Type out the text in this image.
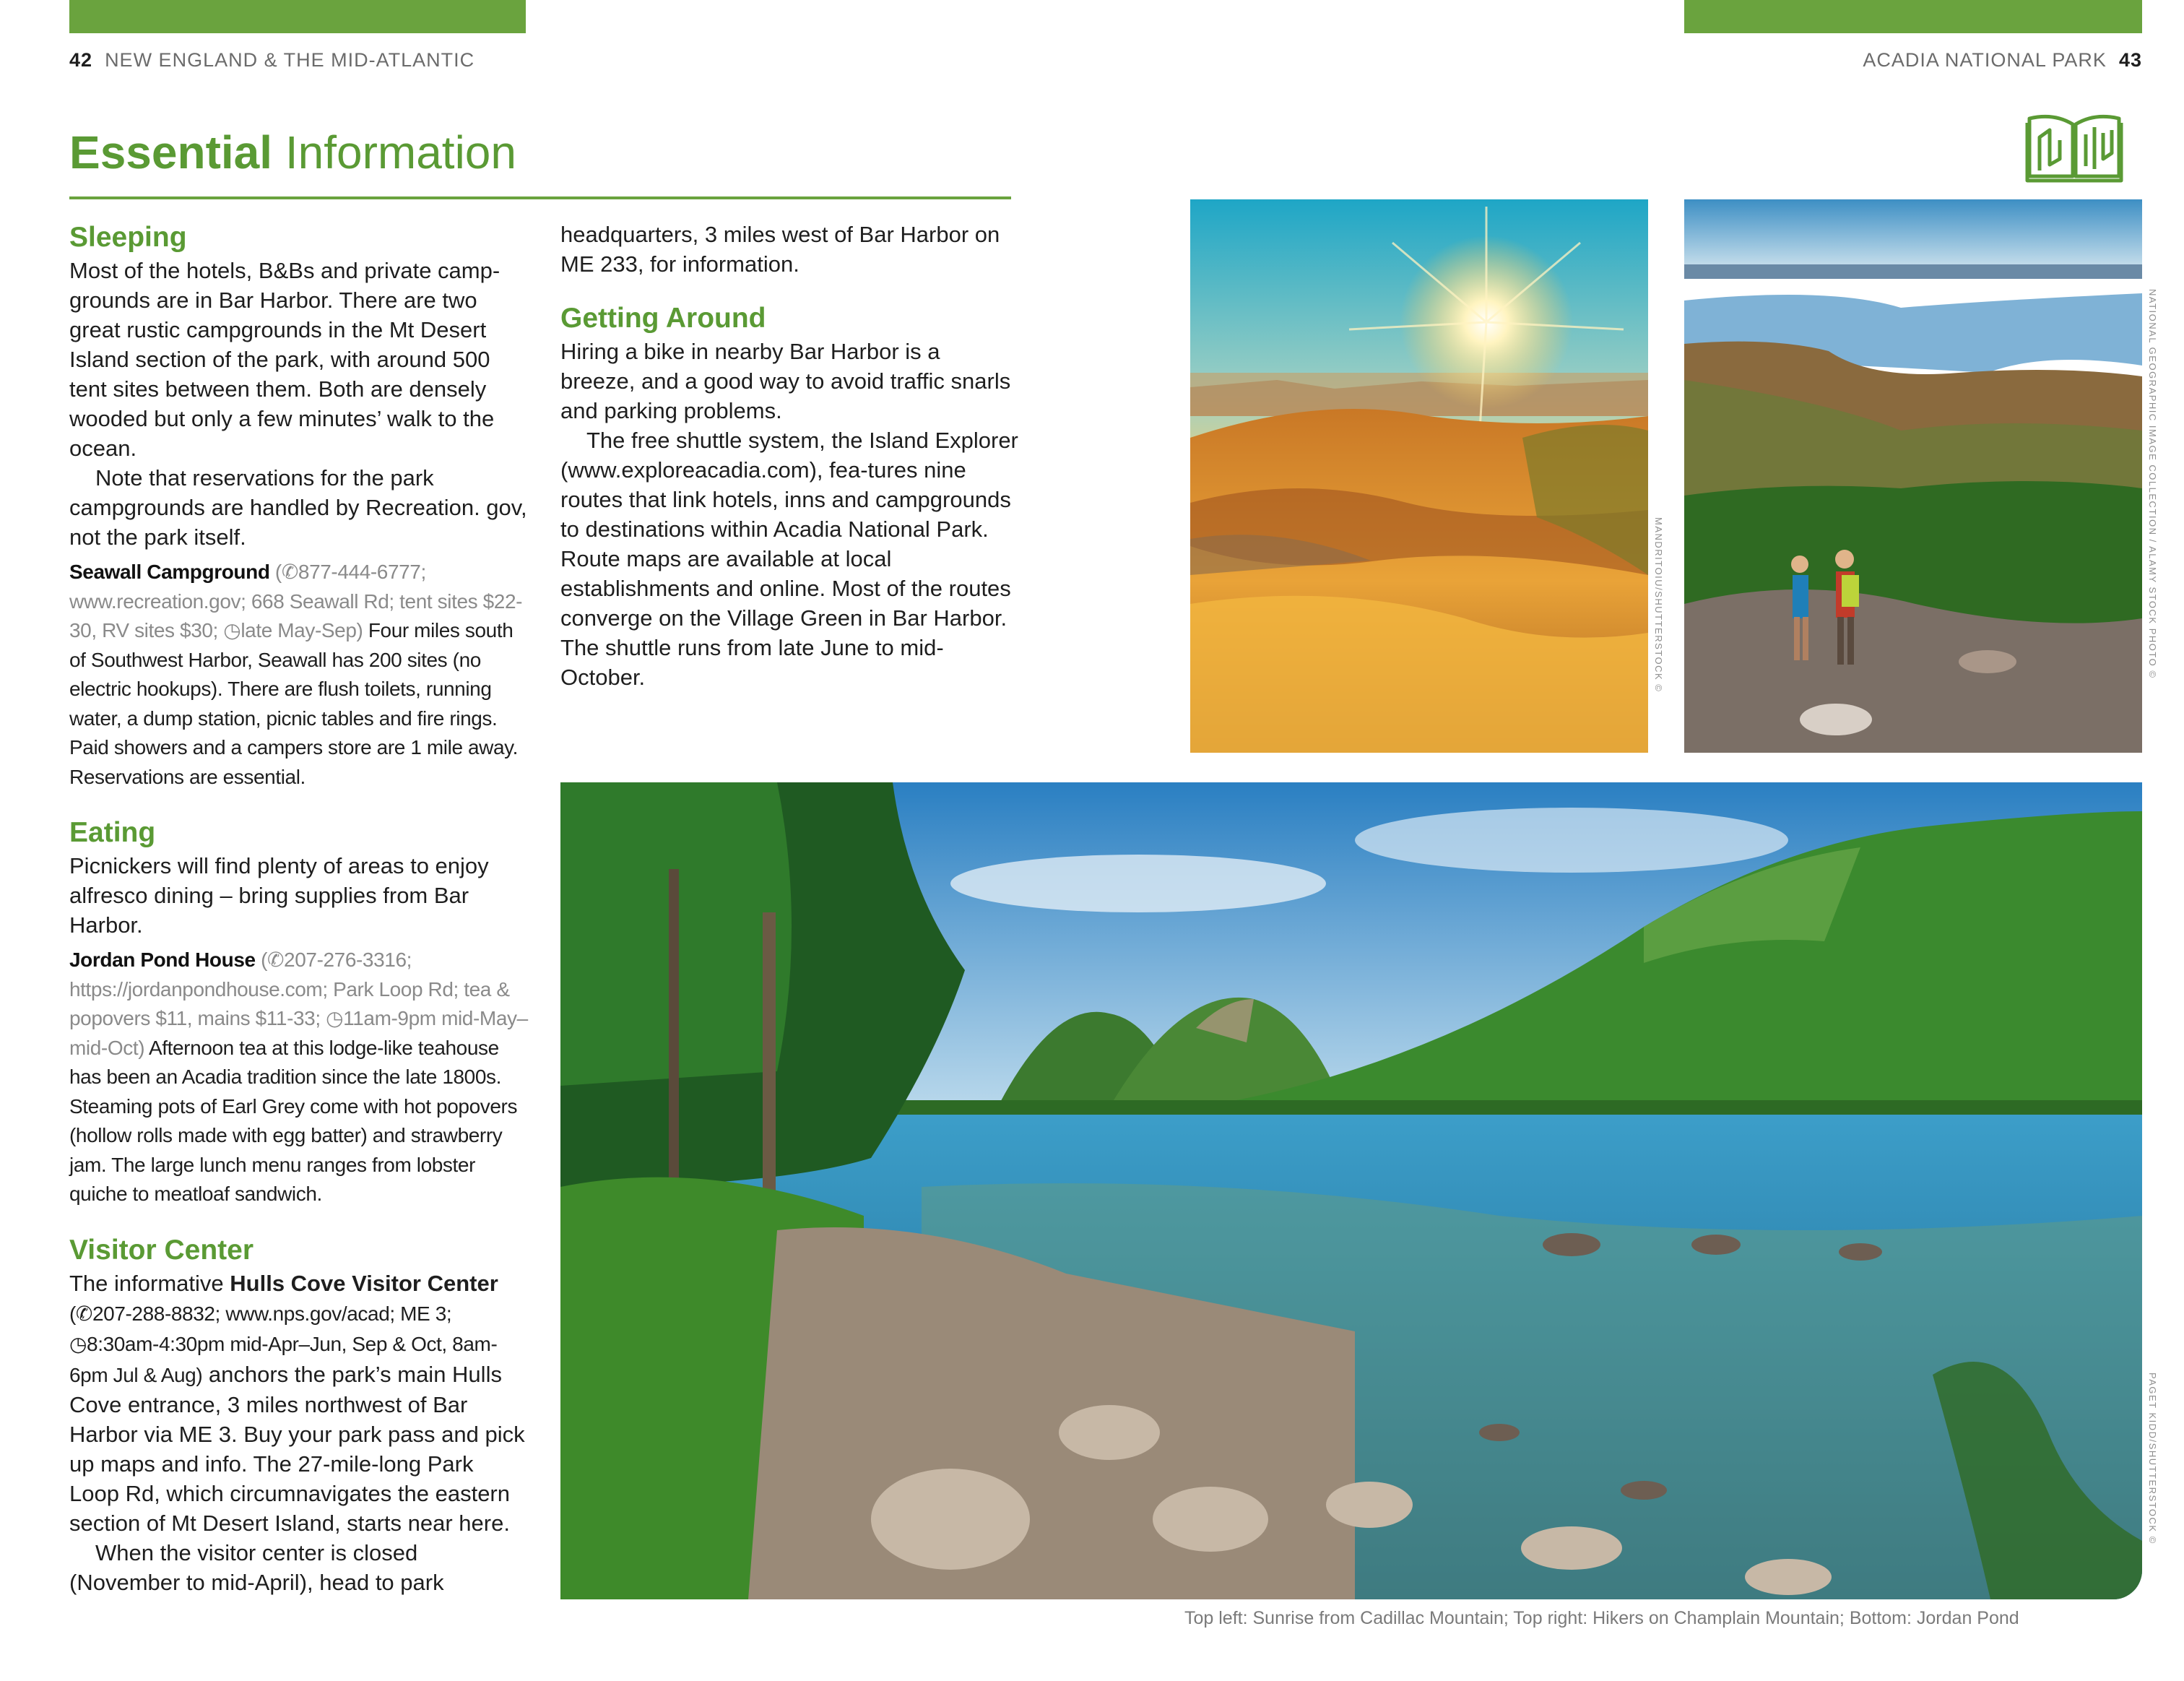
42 NEW ENGLAND & THE MID-ATLANTIC	ACADIA NATIONAL PARK 43
Essential Information
Sleeping

Most of the hotels, B&Bs and private camp-grounds are in Bar Harbor. There are two great rustic campgrounds in the Mt Desert Island section of the park, with around 500 tent sites between them. Both are densely wooded but only a few minutes’ walk to the ocean.

Note that reservations for the park campgrounds are handled by Recreation. gov, not the park itself.

Seawall Campground (✆877-444-6777; www.recreation.gov; 668 Seawall Rd; tent sites $22-30, RV sites $30; ◷late May-Sep) Four miles south of Southwest Harbor, Seawall has 200 sites (no electric hookups). There are flush toilets, running water, a dump station, picnic tables and fire rings. Paid showers and a campers store are 1 mile away. Reservations are essential.

Eating

Picnickers will find plenty of areas to enjoy alfresco dining – bring supplies from Bar Harbor.

Jordan Pond House (✆207-276-3316; https://jordanpondhouse.com; Park Loop Rd; tea & popovers $11, mains $11-33; ◷11am-9pm mid-May–mid-Oct) Afternoon tea at this lodge-like teahouse has been an Acadia tradition since the late 1800s. Steaming pots of Earl Grey come with hot popovers (hollow rolls made with egg batter) and strawberry jam. The large lunch menu ranges from lobster quiche to meatloaf sandwich.

Visitor Center

The informative Hulls Cove Visitor Center (✆207-288-8832; www.nps.gov/acad; ME 3; ◷8:30am-4:30pm mid-Apr–Jun, Sep & Oct, 8am-6pm Jul & Aug) anchors the park’s main Hulls Cove entrance, 3 miles northwest of Bar Harbor via ME 3. Buy your park pass and pick up maps and info. The 27-mile-long Park Loop Rd, which circumnavigates the eastern section of Mt Desert Island, starts near here.

When the visitor center is closed (November to mid-April), head to park

headquarters, 3 miles west of Bar Harbor on ME 233, for information.

Getting Around

Hiring a bike in nearby Bar Harbor is a breeze, and a good way to avoid traffic snarls and parking problems.

The free shuttle system, the Island Explorer (www.exploreacadia.com), fea-tures nine routes that link hotels, inns and campgrounds to destinations within Acadia National Park. Route maps are available at local establishments and online. Most of the routes converge on the Village Green in Bar Harbor. The shuttle runs from late June to mid-October.	MANDRITOIU/SHUTTERSTOCK ©	NATIONAL GEOGRAPHIC IMAGE COLLECTION / ALAMY STOCK PHOTO ©
PAGET KIDD/SHUTTERSTOCK ©
Top left: Sunrise from Cadillac Mountain; Top right: Hikers on Champlain Mountain; Bottom: Jordan Pond
